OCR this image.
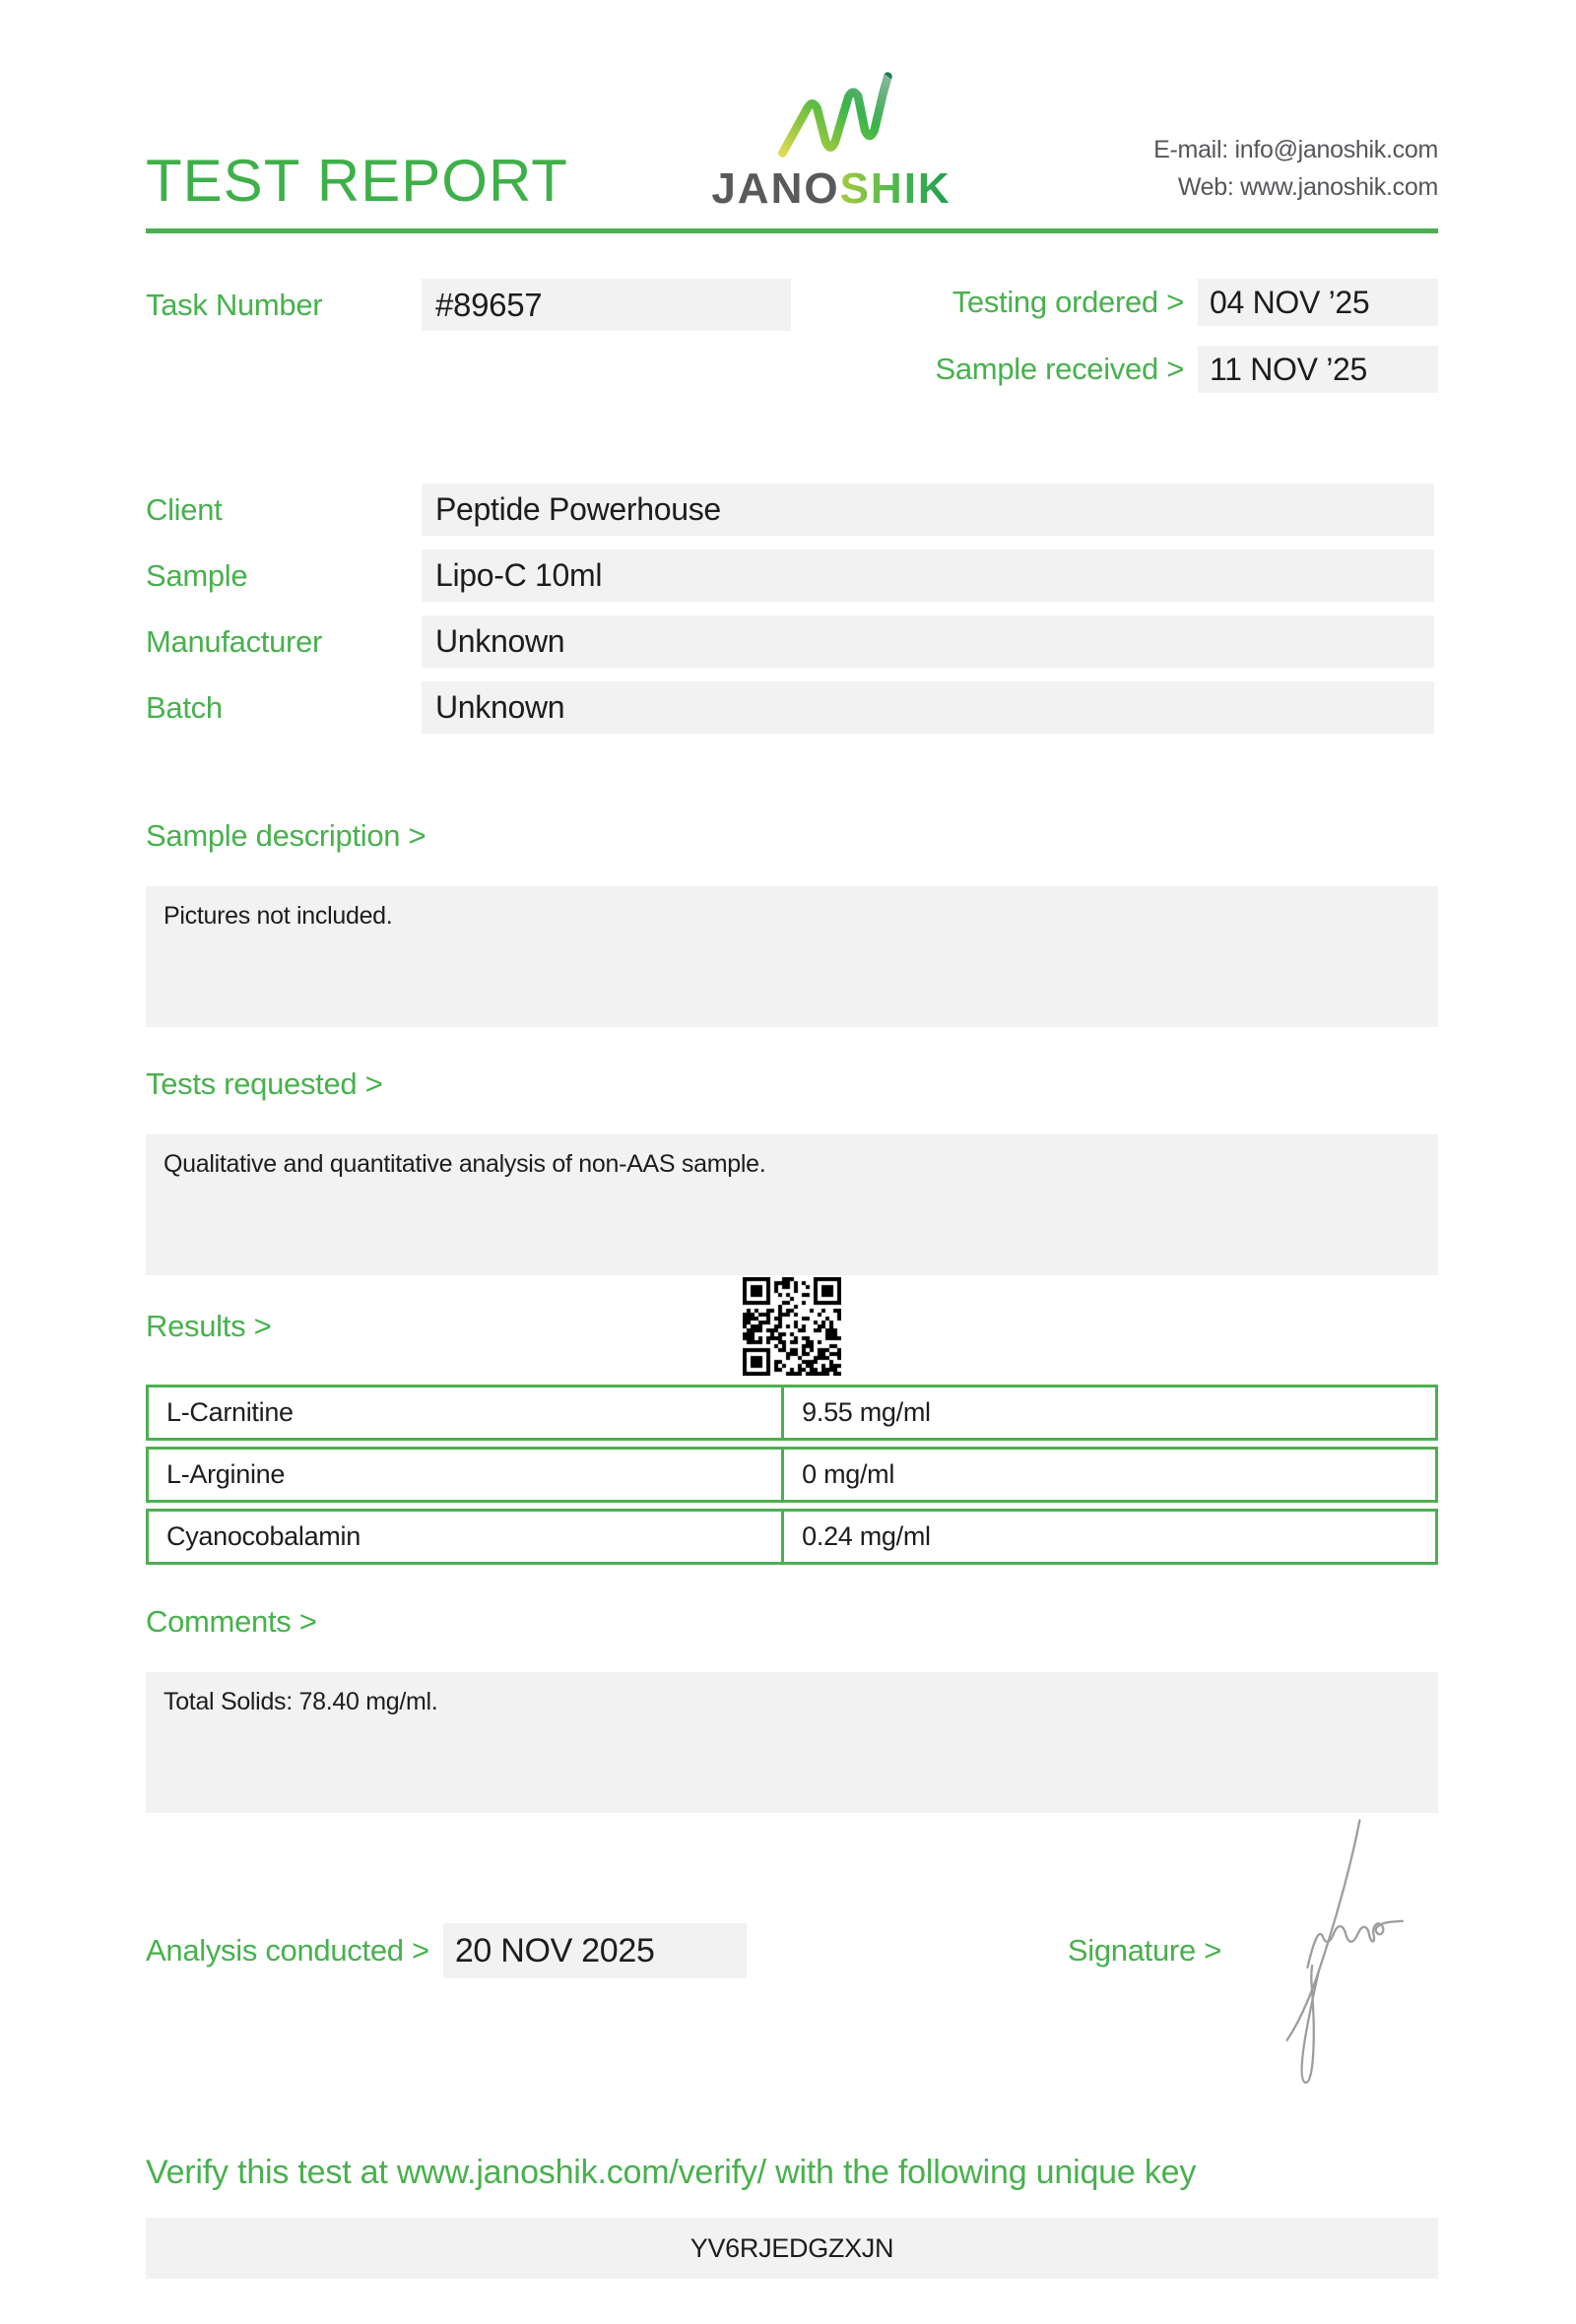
TEST REPORT	JANOSHIK
E-mail: info@janoshik.com
Web: www.janoshik.com
Task Number	#89657	Testing ordered > 04 NOV ’25
Sample received > 11 NOV ’25
Client	Peptide Powerhouse
Sample	Lipo-C 10ml
Manufacturer	Unknown
Batch	Unknown
Sample description >
Pictures not included.
Tests requested >
Qualitative and quantitative analysis of non-AAS sample.
Results >
L-Carnitine	9.55 mg/ml
L-Arginine	0 mg/ml
Cyanocobalamin	0.24 mg/ml
Comments >
Total Solids: 78.40 mg/ml.
Analysis conducted > 20 NOV 2025	Signature >
Verify this test at www.janoshik.com/verify/ with the following unique key
YV6RJEDGZXJN
